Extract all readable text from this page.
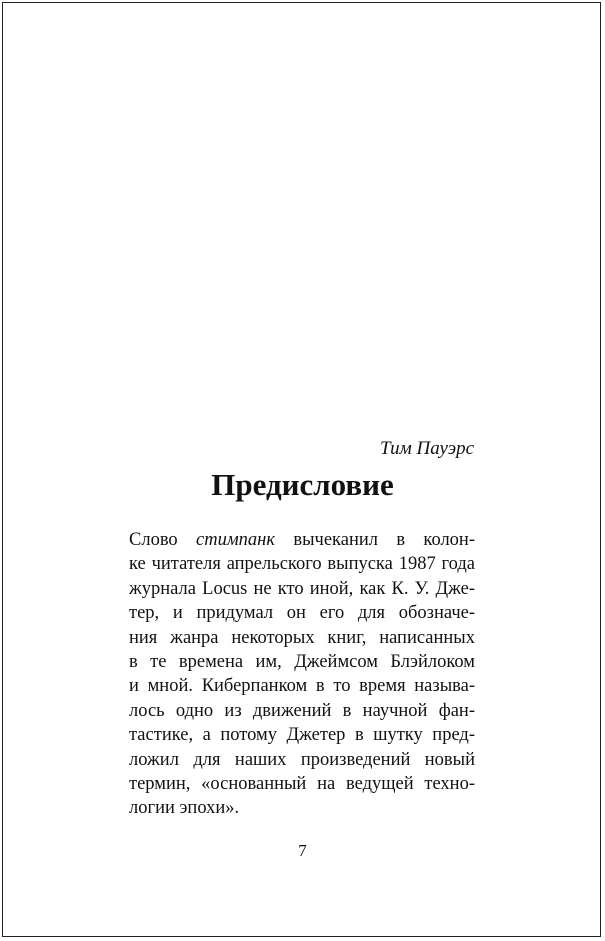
Тим Пауэрс

Предисловие
Слово стимпанк вычеканил в колон-
ке читателя апрельского выпуска 1987 года
журнала Locus не кто иной, как К. У. Дже-
тер, и придумал он его для обозначе-
ния жанра некоторых книг, написанных
в те времена им, Джеймсом Блэйлоком
и мной. Киберпанком в то время называ-
лось одно из движений в научной фан-
тастике, а потому Джетер в шутку пред-
ложил для наших произведений новый
термин, «основанный на ведущей техно-
логии эпохи».

7
